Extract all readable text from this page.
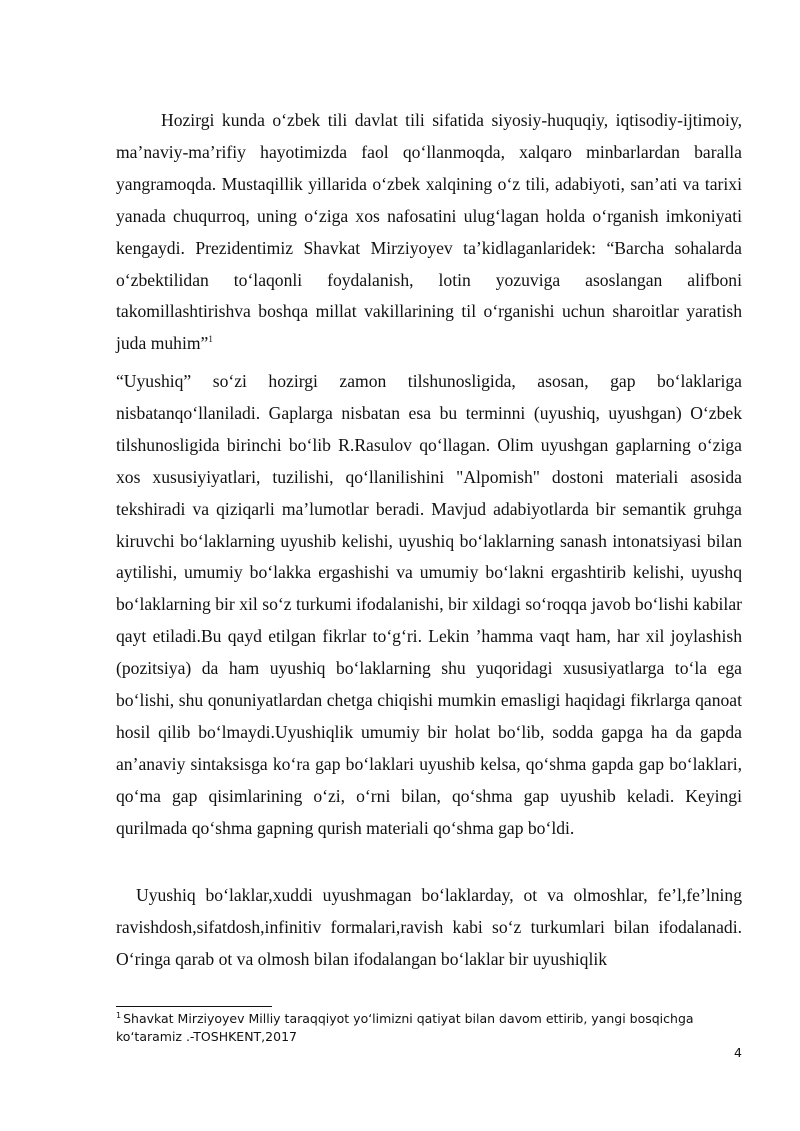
Hozirgi kunda o‘zbek tili davlat tili sifatida siyosiy-huquqiy, iqtisodiy-ijtimoiy, ma’naviy-ma’rifiy hayotimizda faol qo‘llanmoqda, xalqaro minbarlardan baralla yangramoqda. Mustaqillik yillarida o‘zbek xalqining o‘z tili, adabiyoti, san’ati va tarixi yanada chuqurroq, uning o‘ziga xos nafosatini ulug‘lagan holda o‘rganish imkoniyati kengaydi. Prezidentimiz Shavkat Mirziyoyev ta’kidlaganlaridek: “Barcha sohalarda o‘zbektilidan to‘laqonli foydalanish, lotin yozuviga asoslangan alifboni takomillashtirishva boshqa millat vakillarining til o‘rganishi uchun sharoitlar yaratish juda muhim”$^1$

“Uyushiq” so‘zi hozirgi zamon tilshunosligida, asosan, gap bo‘laklariga nisbatanqo‘llaniladi. Gaplarga nisbatan esa bu terminni (uyushiq, uyushgan) O‘zbek tilshunosligida birinchi bo‘lib R.Rasulov qo‘llagan. Olim uyushgan gaplarning o‘ziga xos xususiyiyatlari, tuzilishi, qo‘llanilishini "Alpomish" dostoni materiali asosida tekshiradi va qiziqarli ma’lumotlar beradi. Mavjud adabiyotlarda bir semantik gruhga kiruvchi bo‘laklarning uyushib kelishi, uyushiq bo‘laklarning sanash intonatsiyasi bilan aytilishi, umumiy bo‘lakka ergashishi va umumiy bo‘lakni ergashtirib kelishi, uyushq bo‘laklarning bir xil so‘z turkumi ifodalanishi, bir xildagi so‘roqqa javob bo‘lishi kabilar qayt etiladi.Bu qayd etilgan fikrlar to‘g‘ri. Lekin ’hamma vaqt ham, har xil joylashish (pozitsiya) da ham uyushiq bo‘laklarning shu yuqoridagi xususiyatlarga to‘la ega bo‘lishi, shu qonuniyatlardan chetga chiqishi mumkin emasligi haqidagi fikrlarga qanoat hosil qilib bo‘lmaydi.Uyushiqlik umumiy bir holat bo‘lib, sodda gapga ha da gapda an’anaviy sintaksisga ko‘ra gap bo‘laklari uyushib kelsa, qo‘shma gapda gap bo‘laklari, qo‘ma gap qisimlarining o‘zi, o‘rni bilan, qo‘shma gap uyushib keladi. Keyingi qurilmada qo‘shma gapning qurish materiali qo‘shma gap bo‘ldi.

Uyushiq bo‘laklar,xuddi uyushmagan bo‘laklarday, ot va olmoshlar, fe’l,fe’lning ravishdosh,sifatdosh,infinitiv formalari,ravish kabi so‘z turkumlari bilan ifodalanadi. O‘ringa qarab ot va olmosh bilan ifodalangan bo‘laklar bir uyushiqlik

$^1$ Shavkat Mirziyoyev Milliy taraqqiyot yo‘limizni qatiyat bilan davom ettirib, yangi bosqichga ko‘taramiz .-TOSHKENT,2017

4
